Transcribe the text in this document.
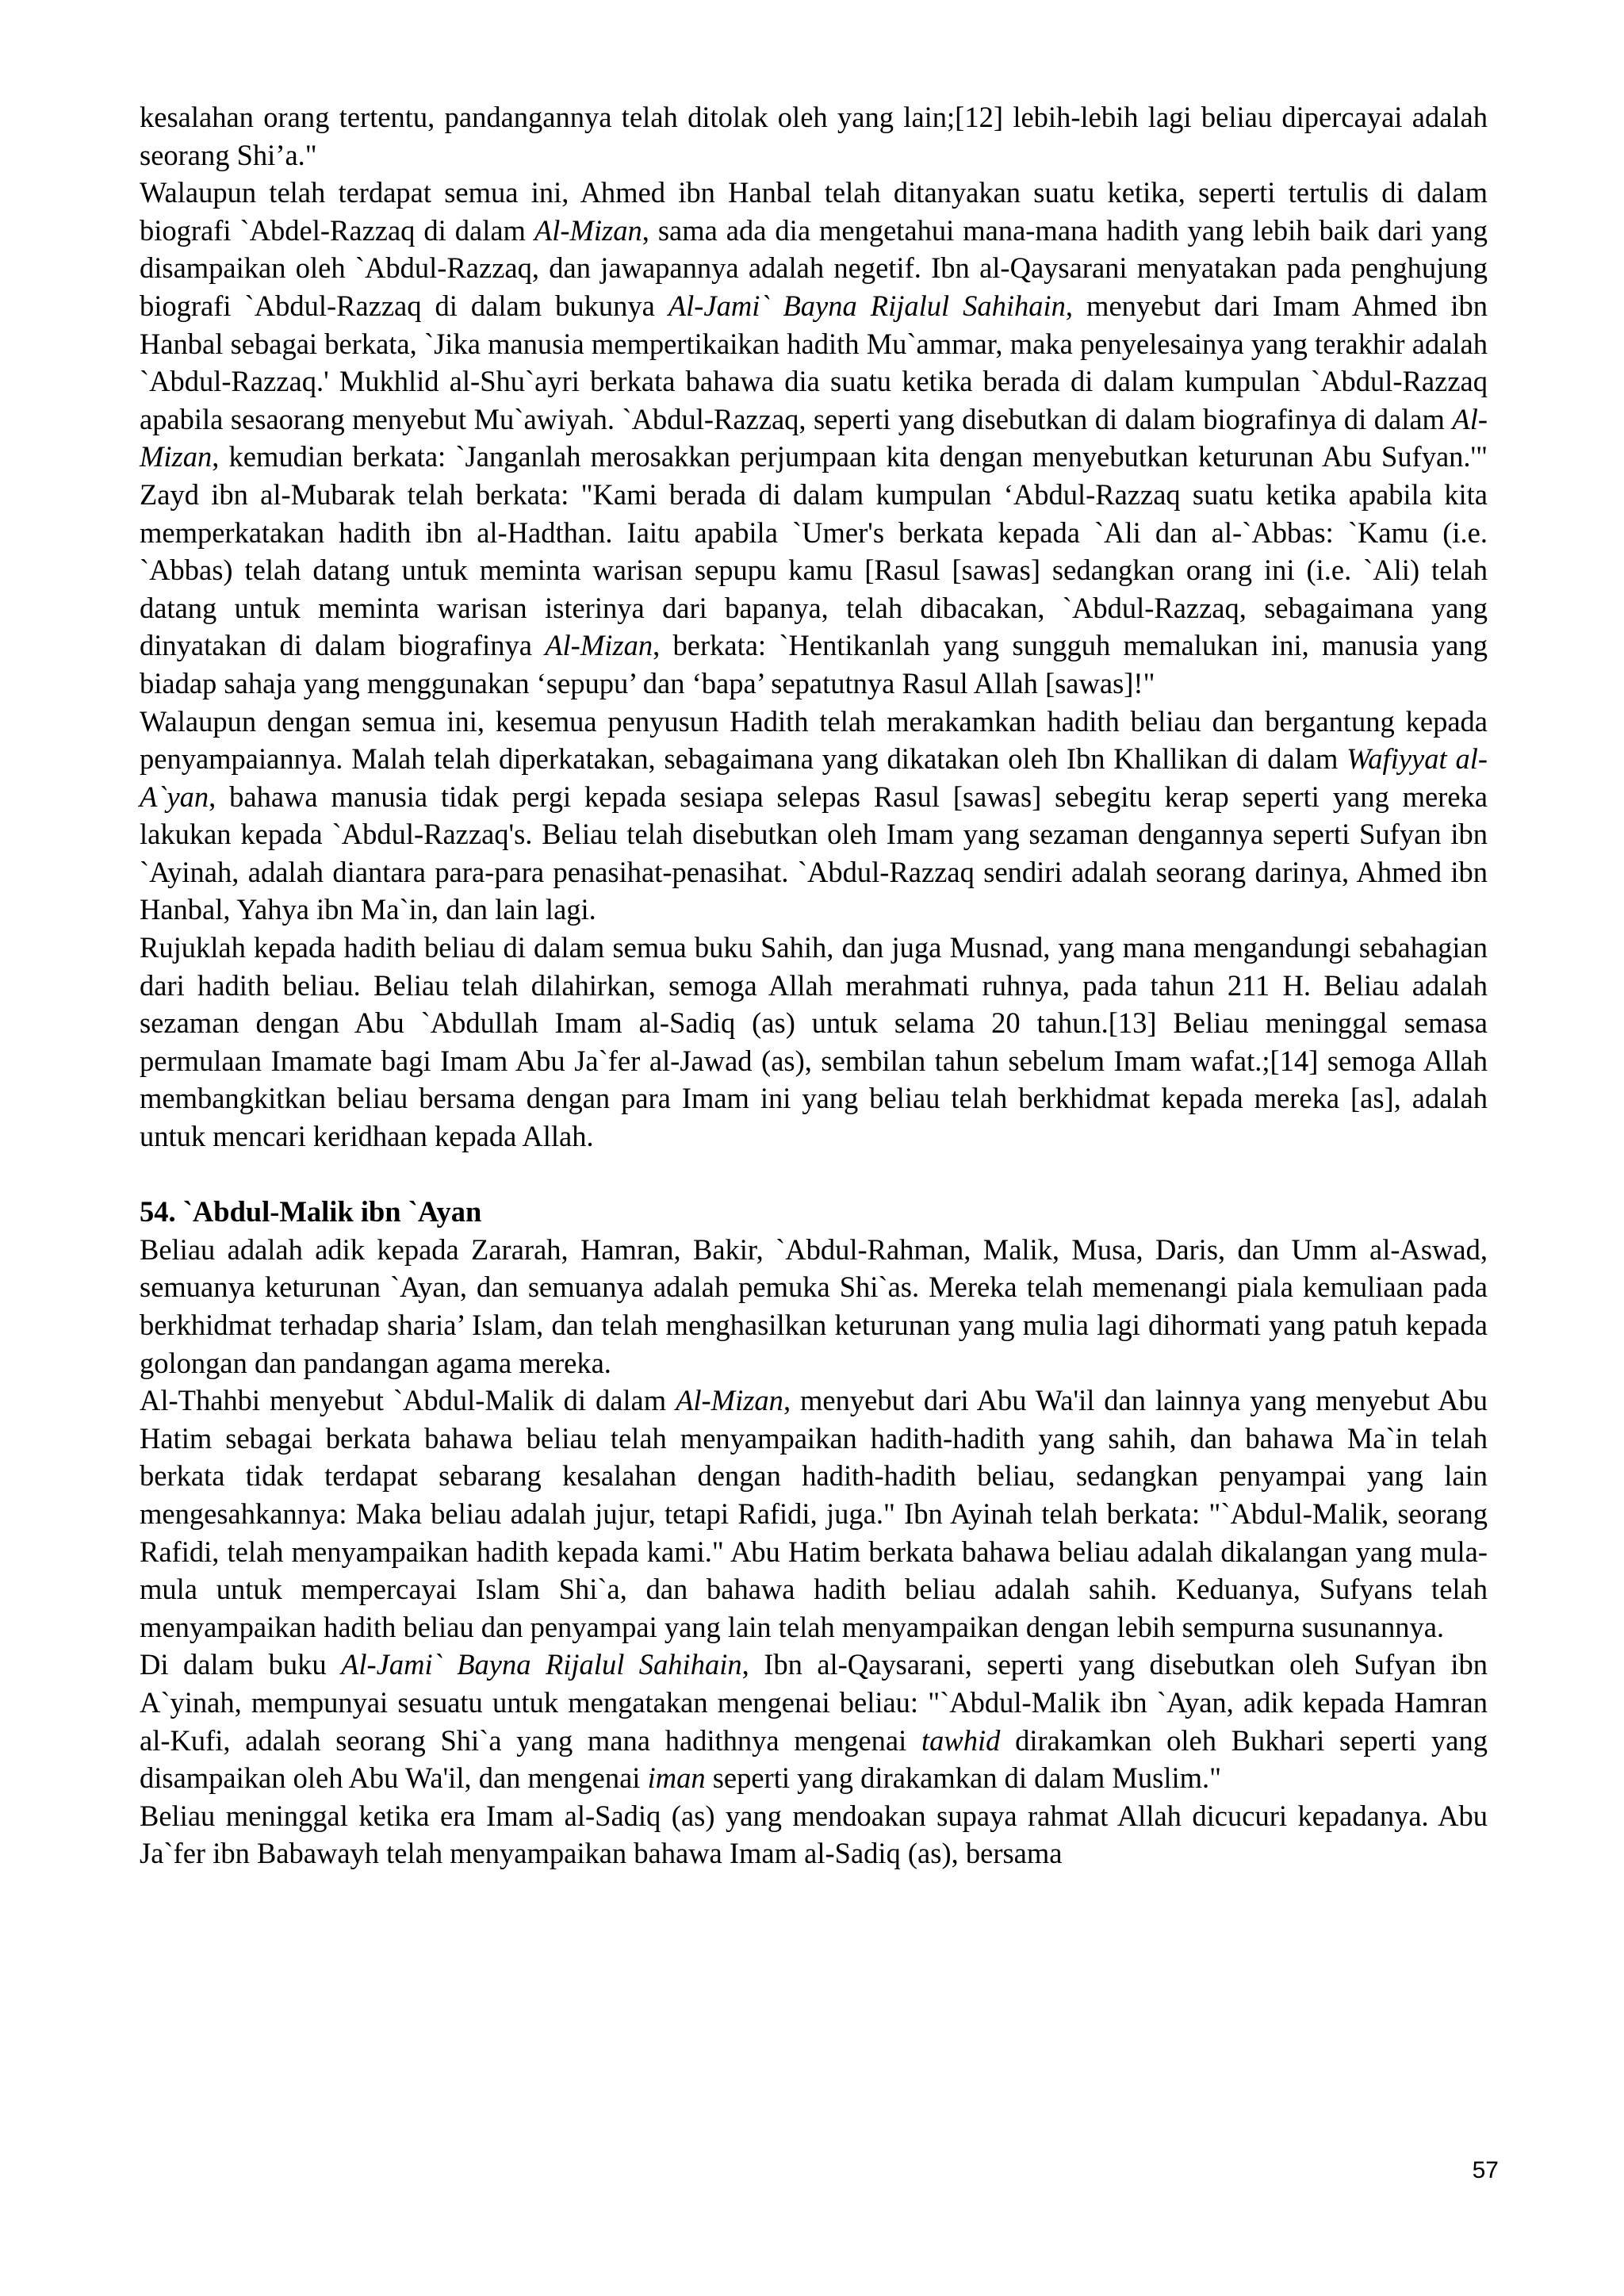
kesalahan orang tertentu, pandangannya telah ditolak oleh yang lain;[12] lebih-lebih lagi beliau dipercayai adalah seorang Shi’a."

Walaupun telah terdapat semua ini, Ahmed ibn Hanbal telah ditanyakan suatu ketika, seperti tertulis di dalam biografi `Abdel-Razzaq di dalam Al-Mizan, sama ada dia mengetahui mana-mana hadith yang lebih baik dari yang disampaikan oleh `Abdul-Razzaq, dan jawapannya adalah negetif. Ibn al-Qaysarani menyatakan pada penghujung biografi `Abdul-Razzaq di dalam bukunya Al-Jami` Bayna Rijalul Sahihain, menyebut dari Imam Ahmed ibn Hanbal sebagai berkata, `Jika manusia mempertikaikan hadith Mu`ammar, maka penyelesainya yang terakhir adalah `Abdul-Razzaq.' Mukhlid al-Shu`ayri berkata bahawa dia suatu ketika berada di dalam kumpulan `Abdul-Razzaq apabila sesaorang menyebut Mu`awiyah. `Abdul-Razzaq, seperti yang disebutkan di dalam biografinya di dalam Al-Mizan, kemudian berkata: `Janganlah merosakkan perjumpaan kita dengan menyebutkan keturunan Abu Sufyan.'" Zayd ibn al-Mubarak telah berkata: "Kami berada di dalam kumpulan ‘Abdul-Razzaq suatu ketika apabila kita memperkatakan hadith ibn al-Hadthan. Iaitu apabila `Umer's berkata kepada `Ali dan al-`Abbas: `Kamu (i.e. `Abbas) telah datang untuk meminta warisan sepupu kamu [Rasul [sawas] sedangkan orang ini (i.e. `Ali) telah datang untuk meminta warisan isterinya dari bapanya, telah dibacakan, `Abdul-Razzaq, sebagaimana yang dinyatakan di dalam biografinya Al-Mizan, berkata: `Hentikanlah yang sungguh memalukan ini, manusia yang biadap sahaja yang menggunakan ‘sepupu’ dan ‘bapa’ sepatutnya Rasul Allah [sawas]!"

Walaupun dengan semua ini, kesemua penyusun Hadith telah merakamkan hadith beliau dan bergantung kepada penyampaiannya. Malah telah diperkatakan, sebagaimana yang dikatakan oleh Ibn Khallikan di dalam Wafiyyat al-A`yan, bahawa manusia tidak pergi kepada sesiapa selepas Rasul [sawas] sebegitu kerap seperti yang mereka lakukan kepada `Abdul-Razzaq's. Beliau telah disebutkan oleh Imam yang sezaman dengannya seperti Sufyan ibn `Ayinah, adalah diantara para-para penasihat-penasihat. `Abdul-Razzaq sendiri adalah seorang darinya, Ahmed ibn Hanbal, Yahya ibn Ma`in, dan lain lagi.

Rujuklah kepada hadith beliau di dalam semua buku Sahih, dan juga Musnad, yang mana mengandungi sebahagian dari hadith beliau. Beliau telah dilahirkan, semoga Allah merahmati ruhnya, pada tahun 211 H. Beliau adalah sezaman dengan Abu `Abdullah Imam al-Sadiq (as) untuk selama 20 tahun.[13] Beliau meninggal semasa permulaan Imamate bagi Imam Abu Ja`fer al-Jawad (as), sembilan tahun sebelum Imam wafat.;[14] semoga Allah membangkitkan beliau bersama dengan para Imam ini yang beliau telah berkhidmat kepada mereka [as], adalah untuk mencari keridhaan kepada Allah.

54. `Abdul-Malik ibn `Ayan

Beliau adalah adik kepada Zararah, Hamran, Bakir, `Abdul-Rahman, Malik, Musa, Daris, dan Umm al-Aswad, semuanya keturunan `Ayan, dan semuanya adalah pemuka Shi`as. Mereka telah memenangi piala kemuliaan pada berkhidmat terhadap sharia’ Islam, dan telah menghasilkan keturunan yang mulia lagi dihormati yang patuh kepada golongan dan pandangan agama mereka.

Al-Thahbi menyebut `Abdul-Malik di dalam Al-Mizan, menyebut dari Abu Wa'il dan lainnya yang menyebut Abu Hatim sebagai berkata bahawa beliau telah menyampaikan hadith-hadith yang sahih, dan bahawa Ma`in telah berkata tidak terdapat sebarang kesalahan dengan hadith-hadith beliau, sedangkan penyampai yang lain mengesahkannya: Maka beliau adalah jujur, tetapi Rafidi, juga." Ibn Ayinah telah berkata: "`Abdul-Malik, seorang Rafidi, telah menyampaikan hadith kepada kami." Abu Hatim berkata bahawa beliau adalah dikalangan yang mula-mula untuk mempercayai Islam Shi`a, dan bahawa hadith beliau adalah sahih. Keduanya, Sufyans telah menyampaikan hadith beliau dan penyampai yang lain telah menyampaikan dengan lebih sempurna susunannya.

Di dalam buku Al-Jami` Bayna Rijalul Sahihain, Ibn al-Qaysarani, seperti yang disebutkan oleh Sufyan ibn A`yinah, mempunyai sesuatu untuk mengatakan mengenai beliau: "`Abdul-Malik ibn `Ayan, adik kepada Hamran al-Kufi, adalah seorang Shi`a yang mana hadithnya mengenai tawhid dirakamkan oleh Bukhari seperti yang disampaikan oleh Abu Wa'il, dan mengenai iman seperti yang dirakamkan di dalam Muslim."

Beliau meninggal ketika era Imam al-Sadiq (as) yang mendoakan supaya rahmat Allah dicucuri kepadanya. Abu Ja`fer ibn Babawayh telah menyampaikan bahawa Imam al-Sadiq (as), bersama

57
